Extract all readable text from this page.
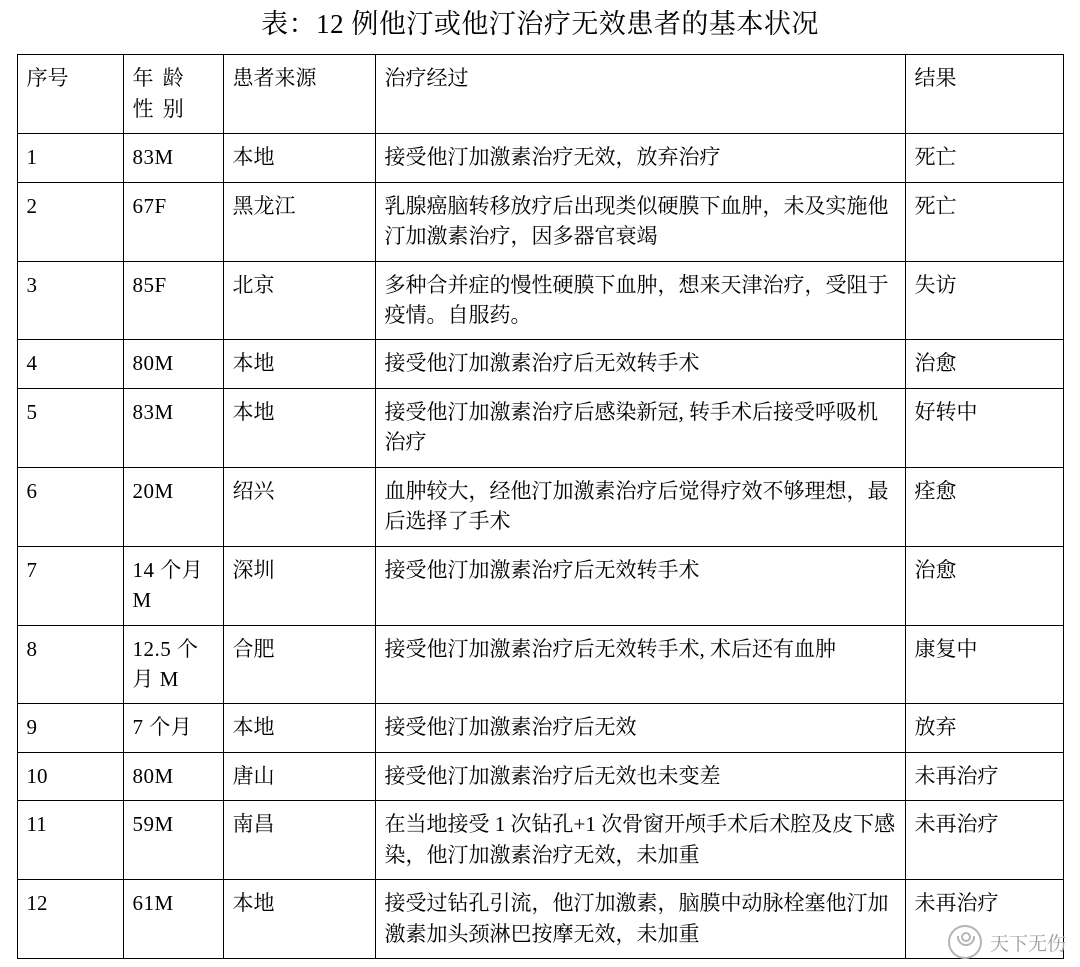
表：12 例他汀或他汀治疗无效患者的基本状况
序号	年 龄 性 别	患者来源	治疗经过	结果
1	83M	本地	接受他汀加激素治疗无效，放弃治疗	死亡
2	67F	黑龙江	乳腺癌脑转移放疗后出现类似硬膜下血肿，未及实施他汀加激素治疗，因多器官衰竭	死亡
3	85F	北京	多种合并症的慢性硬膜下血肿，想来天津治疗，受阻于疫情。自服药。	失访
4	80M	本地	接受他汀加激素治疗后无效转手术	治愈
5	83M	本地	接受他汀加激素治疗后感染新冠, 转手术后接受呼吸机治疗	好转中
6	20M	绍兴	血肿较大，经他汀加激素治疗后觉得疗效不够理想，最后选择了手术	痊愈
7	14 个月 M	深圳	接受他汀加激素治疗后无效转手术	治愈
8	12.5 个 月 M	合肥	接受他汀加激素治疗后无效转手术, 术后还有血肿	康复中
9	7 个月	本地	接受他汀加激素治疗后无效	放弃
10	80M	唐山	接受他汀加激素治疗后无效也未变差	未再治疗
11	59M	南昌	在当地接受 1 次钻孔+1 次骨窗开颅手术后术腔及皮下感染，他汀加激素治疗无效，未加重	未再治疗
12	61M	本地	接受过钻孔引流，他汀加激素，脑膜中动脉栓塞他汀加激素加头颈淋巴按摩无效，未加重	未再治疗
天下无伤
